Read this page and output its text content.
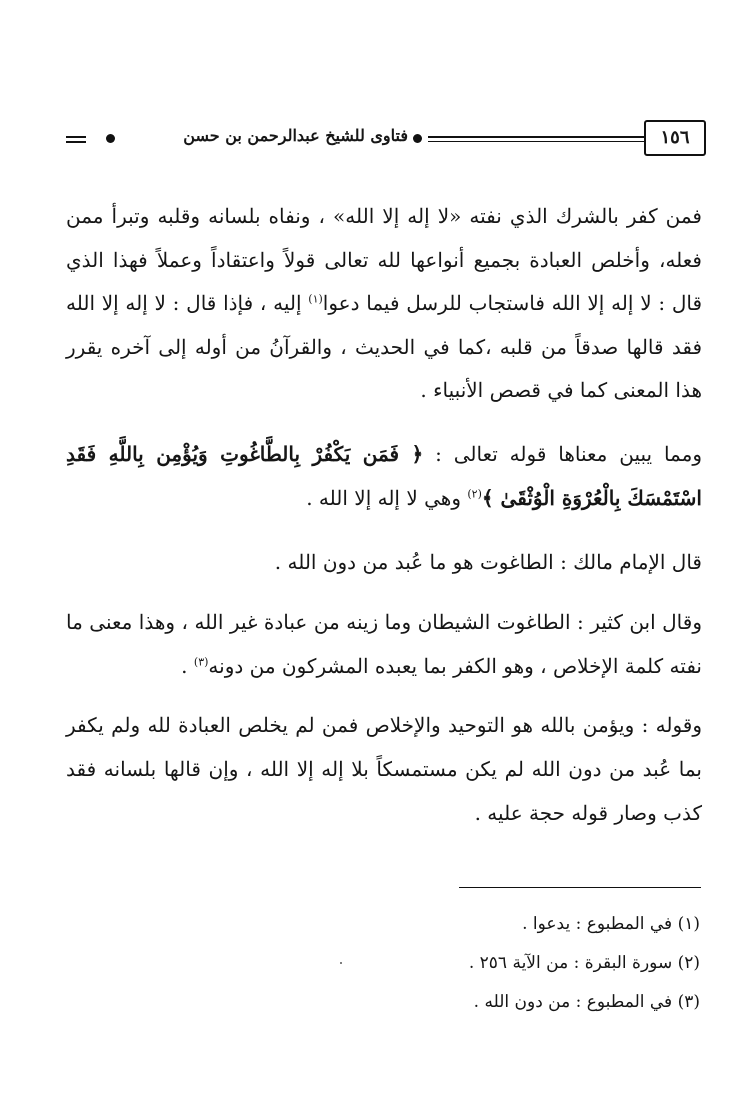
١٥٦
فتاوى للشيخ عبدالرحمن بن حسن

فمن كفر بالشرك الذي نفته «لا إله إلا الله» ، ونفاه بلسانه وقلبه وتبرأ ممن فعله، وأخلص العبادة بجميع أنواعها لله تعالى قولاً واعتقاداً وعملاً فهذا الذي قال : لا إله إلا الله فاستجاب للرسل فيما دعوا$^{(١)}$ إليه ، فإذا قال : لا إله إلا الله فقد قالها صدقاً من قلبه ،كما في الحديث ، والقرآنُ من أوله إلى آخره يقرر هذا المعنى كما في قصص الأنبياء .

ومما يبين معناها قوله تعالى : ﴿ فَمَن يَكْفُرْ بِالطَّاغُوتِ وَيُؤْمِن بِاللَّهِ فَقَدِ اسْتَمْسَكَ بِالْعُرْوَةِ الْوُثْقَىٰ ﴾$^{(٢)}$ وهي لا إله إلا الله .

قال الإمام مالك : الطاغوت هو ما عُبد من دون الله .

وقال ابن كثير : الطاغوت الشيطان وما زينه من عبادة غير الله ، وهذا معنى ما نفته كلمة الإخلاص ، وهو الكفر بما يعبده المشركون من دونه$^{(٣)}$ .

وقوله : ويؤمن بالله هو التوحيد والإخلاص فمن لم يخلص العبادة لله ولم يكفر بما عُبد من دون الله لم يكن مستمسكاً بلا إله إلا الله ، وإن قالها بلسانه فقد كذب وصار قوله حجة عليه .

(١) في المطبوع : يدعوا .

(٢) سورة البقرة : من الآية ٢٥٦ .

(٣) في المطبوع : من دون الله .
